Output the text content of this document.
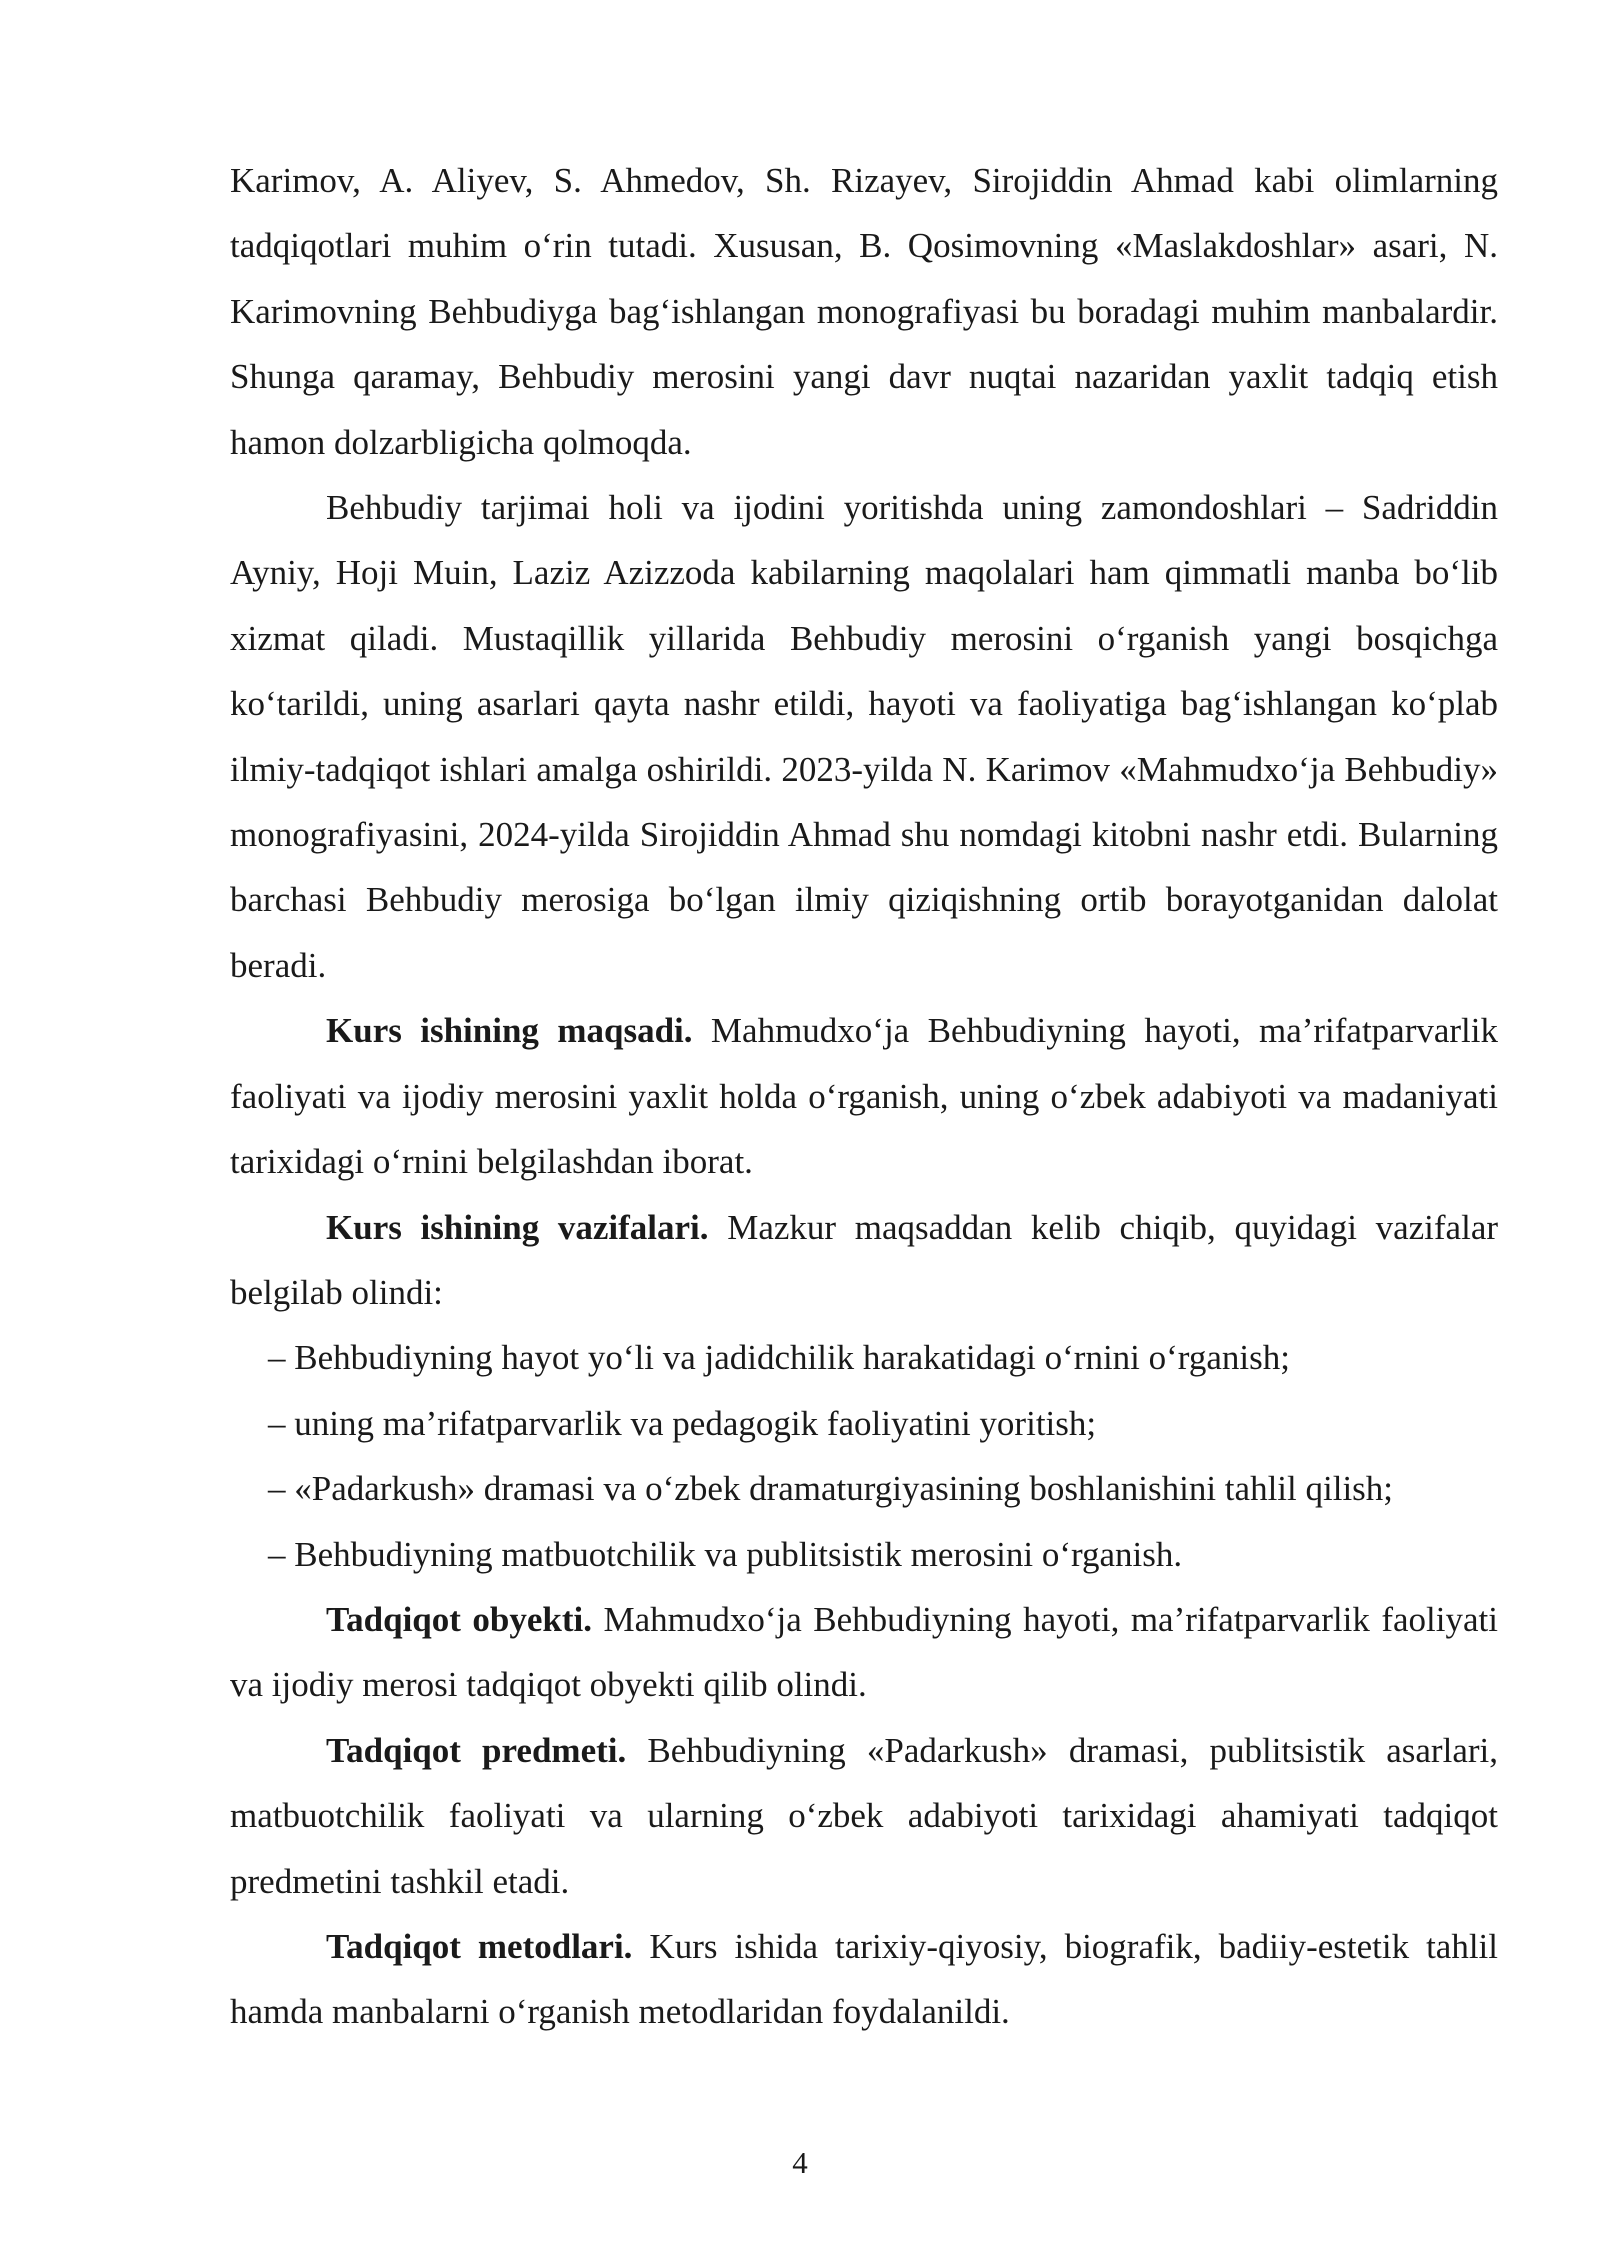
Karimov, A. Aliyev, S. Ahmedov, Sh. Rizayev, Sirojiddin Ahmad kabi olimlarning tadqiqotlari muhim o‘rin tutadi. Xususan, B. Qosimovning «Maslakdoshlar» asari, N. Karimovning Behbudiyga bag‘ishlangan monografiyasi bu boradagi muhim manbalardir. Shunga qaramay, Behbudiy merosini yangi davr nuqtai nazaridan yaxlit tadqiq etish hamon dolzarbligicha qolmoqda.

Behbudiy tarjimai holi va ijodini yoritishda uning zamondoshlari – Sadriddin Ayniy, Hoji Muin, Laziz Azizzoda kabilarning maqolalari ham qimmatli manba bo‘lib xizmat qiladi. Mustaqillik yillarida Behbudiy merosini o‘rganish yangi bosqichga ko‘tarildi, uning asarlari qayta nashr etildi, hayoti va faoliyatiga bag‘ishlangan ko‘plab ilmiy-tadqiqot ishlari amalga oshirildi. 2023-yilda N. Karimov «Mahmudxo‘ja Behbudiy» monografiyasini, 2024-yilda Sirojiddin Ahmad shu nomdagi kitobni nashr etdi. Bularning barchasi Behbudiy merosiga bo‘lgan ilmiy qiziqishning ortib borayotganidan dalolat beradi.

Kurs ishining maqsadi. Mahmudxo‘ja Behbudiyning hayoti, ma’rifatparvarlik faoliyati va ijodiy merosini yaxlit holda o‘rganish, uning o‘zbek adabiyoti va madaniyati tarixidagi o‘rnini belgilashdan iborat.

Kurs ishining vazifalari. Mazkur maqsaddan kelib chiqib, quyidagi vazifalar belgilab olindi:

– Behbudiyning hayot yo‘li va jadidchilik harakatidagi o‘rnini o‘rganish;
– uning ma’rifatparvarlik va pedagogik faoliyatini yoritish;
– «Padarkush» dramasi va o‘zbek dramaturgiyasining boshlanishini tahlil qilish;
– Behbudiyning matbuotchilik va publitsistik merosini o‘rganish.

Tadqiqot obyekti. Mahmudxo‘ja Behbudiyning hayoti, ma’rifatparvarlik faoliyati va ijodiy merosi tadqiqot obyekti qilib olindi.

Tadqiqot predmeti. Behbudiyning «Padarkush» dramasi, publitsistik asarlari, matbuotchilik faoliyati va ularning o‘zbek adabiyoti tarixidagi ahamiyati tadqiqot predmetini tashkil etadi.

Tadqiqot metodlari. Kurs ishida tarixiy-qiyosiy, biografik, badiiy-estetik tahlil hamda manbalarni o‘rganish metodlaridan foydalanildi.

4
